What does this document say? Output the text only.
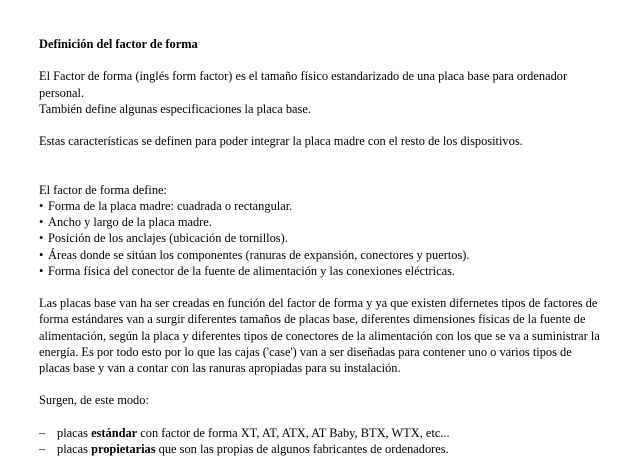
Definición del factor de forma

El Factor de forma (inglés form factor) es el tamaño físico estandarizado de una placa base para ordenador personal.
También define algunas especificaciones la placa base.

Estas características se definen para poder integrar la placa madre con el resto de los dispositivos.

El factor de forma define:

• Forma de la placa madre: cuadrada o rectangular.
• Ancho y largo de la placa madre.
• Posición de los anclajes (ubicación de tornillos).
• Áreas donde se sitúan los componentes (ranuras de expansión, conectores y puertos).
• Forma física del conector de la fuente de alimentación y las conexiones eléctricas.

Las placas base van ha ser creadas en función del factor de forma y ya que existen difernetes tipos de factores de forma estándares van a surgir diferentes tamaños de placas base, diferentes dimensiones físicas de la fuente de alimentación, según la placa y diferentes tipos de conectores de la alimentación con los que se va a suministrar la energía. Es por todo esto por lo que las cajas ('case') van a ser diseñadas para contener uno o varios tipos de placas base y van a contar con las ranuras apropiadas para su instalación.

Surgen, de este modo:

– placas estándar con factor de forma XT, AT, ATX, AT Baby, BTX, WTX, etc...
– placas propietarias que son las propias de algunos fabricantes de ordenadores.
